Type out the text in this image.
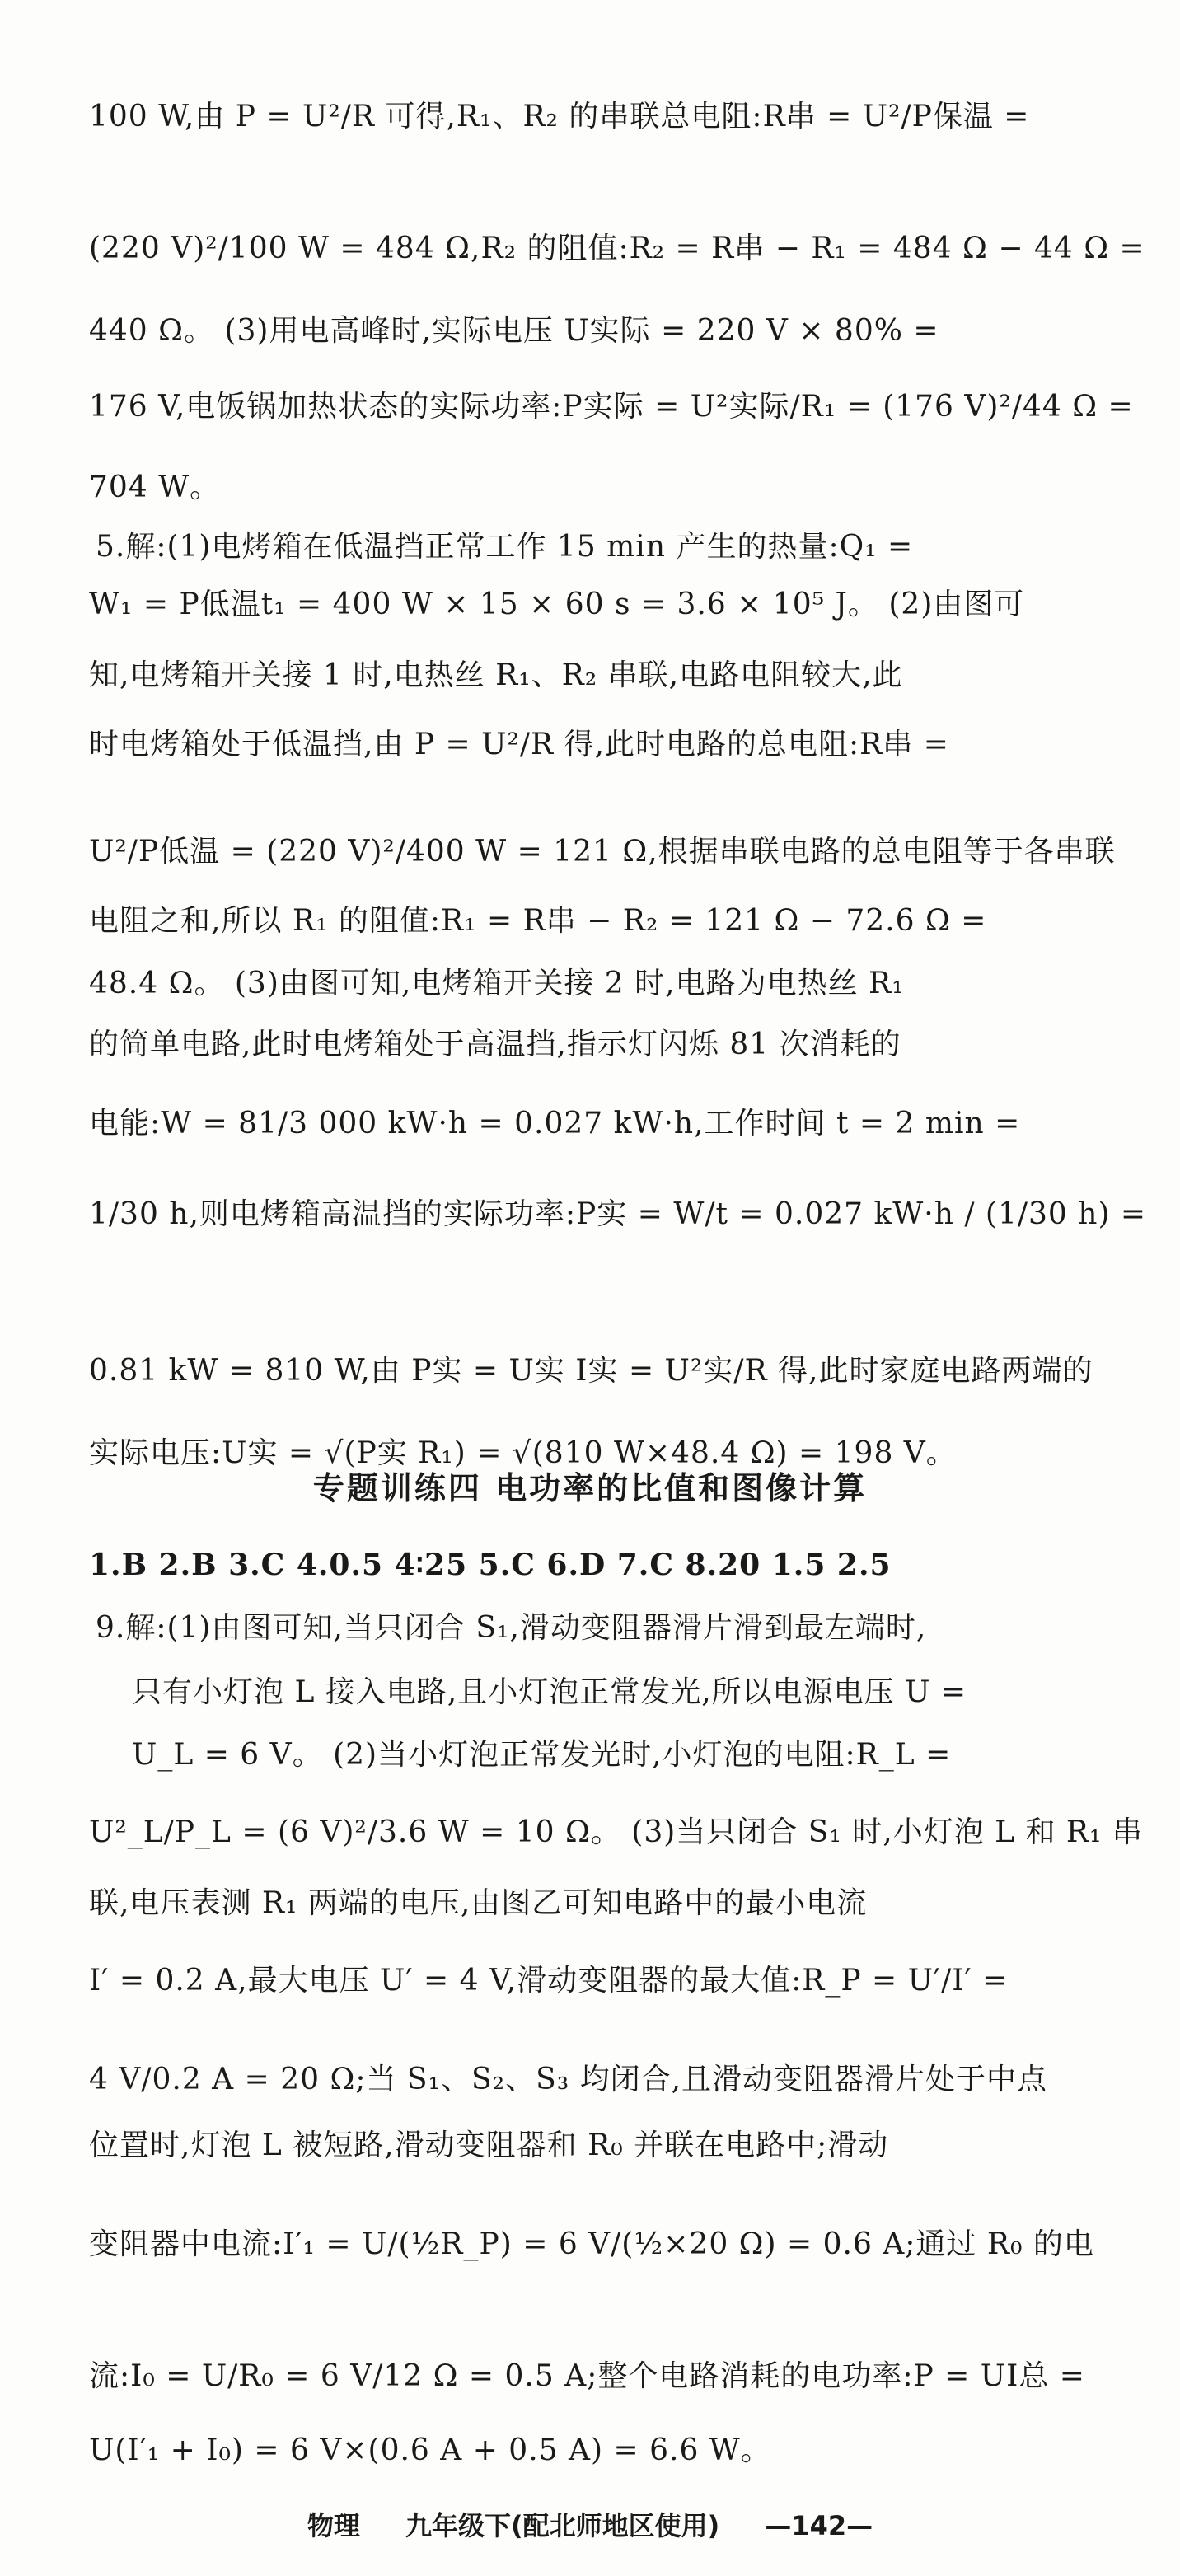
100 W,由 P = U²/R 可得,R₁、R₂ 的串联总电阻:R串 = U²/P保温 =
(220 V)²/100 W = 484 Ω,R₂ 的阻值:R₂ = R串 − R₁ = 484 Ω − 44 Ω =
440 Ω。 (3)用电高峰时,实际电压 U实际 = 220 V × 80% =
176 V,电饭锅加热状态的实际功率:P实际 = U²实际/R₁ = (176 V)²/44 Ω =
704 W。
5.解:(1)电烤箱在低温挡正常工作 15 min 产生的热量:Q₁ =
W₁ = P低温t₁ = 400 W × 15 × 60 s = 3.6 × 10⁵ J。 (2)由图可
知,电烤箱开关接 1 时,电热丝 R₁、R₂ 串联,电路电阻较大,此
时电烤箱处于低温挡,由 P = U²/R 得,此时电路的总电阻:R串 =
U²/P低温 = (220 V)²/400 W = 121 Ω,根据串联电路的总电阻等于各串联
电阻之和,所以 R₁ 的阻值:R₁ = R串 − R₂ = 121 Ω − 72.6 Ω =
48.4 Ω。 (3)由图可知,电烤箱开关接 2 时,电路为电热丝 R₁
的简单电路,此时电烤箱处于高温挡,指示灯闪烁 81 次消耗的
电能:W = 81/3 000 kW·h = 0.027 kW·h,工作时间 t = 2 min =
1/30 h,则电烤箱高温挡的实际功率:P实 = W/t = 0.027 kW·h / (1/30 h) =
0.81 kW = 810 W,由 P实 = U实 I实 = U²实/R 得,此时家庭电路两端的
实际电压:U实 = √(P实 R₁) = √(810 W×48.4 Ω) = 198 V。
专题训练四 电功率的比值和图像计算
1.B 2.B 3.C 4.0.5 4∶25 5.C 6.D 7.C 8.20 1.5 2.5
9.解:(1)由图可知,当只闭合 S₁,滑动变阻器滑片滑到最左端时,
只有小灯泡 L 接入电路,且小灯泡正常发光,所以电源电压 U =
U_L = 6 V。 (2)当小灯泡正常发光时,小灯泡的电阻:R_L =
U²_L/P_L = (6 V)²/3.6 W = 10 Ω。 (3)当只闭合 S₁ 时,小灯泡 L 和 R₁ 串
联,电压表测 R₁ 两端的电压,由图乙可知电路中的最小电流
I′ = 0.2 A,最大电压 U′ = 4 V,滑动变阻器的最大值:R_P = U′/I′ =
4 V/0.2 A = 20 Ω;当 S₁、S₂、S₃ 均闭合,且滑动变阻器滑片处于中点
位置时,灯泡 L 被短路,滑动变阻器和 R₀ 并联在电路中;滑动
变阻器中电流:I′₁ = U/(½R_P) = 6 V/(½×20 Ω) = 0.6 A;通过 R₀ 的电
流:I₀ = U/R₀ = 6 V/12 Ω = 0.5 A;整个电路消耗的电功率:P = UI总 =
U(I′₁ + I₀) = 6 V×(0.6 A + 0.5 A) = 6.6 W。
物理 九年级下(配北师地区使用) —142—
